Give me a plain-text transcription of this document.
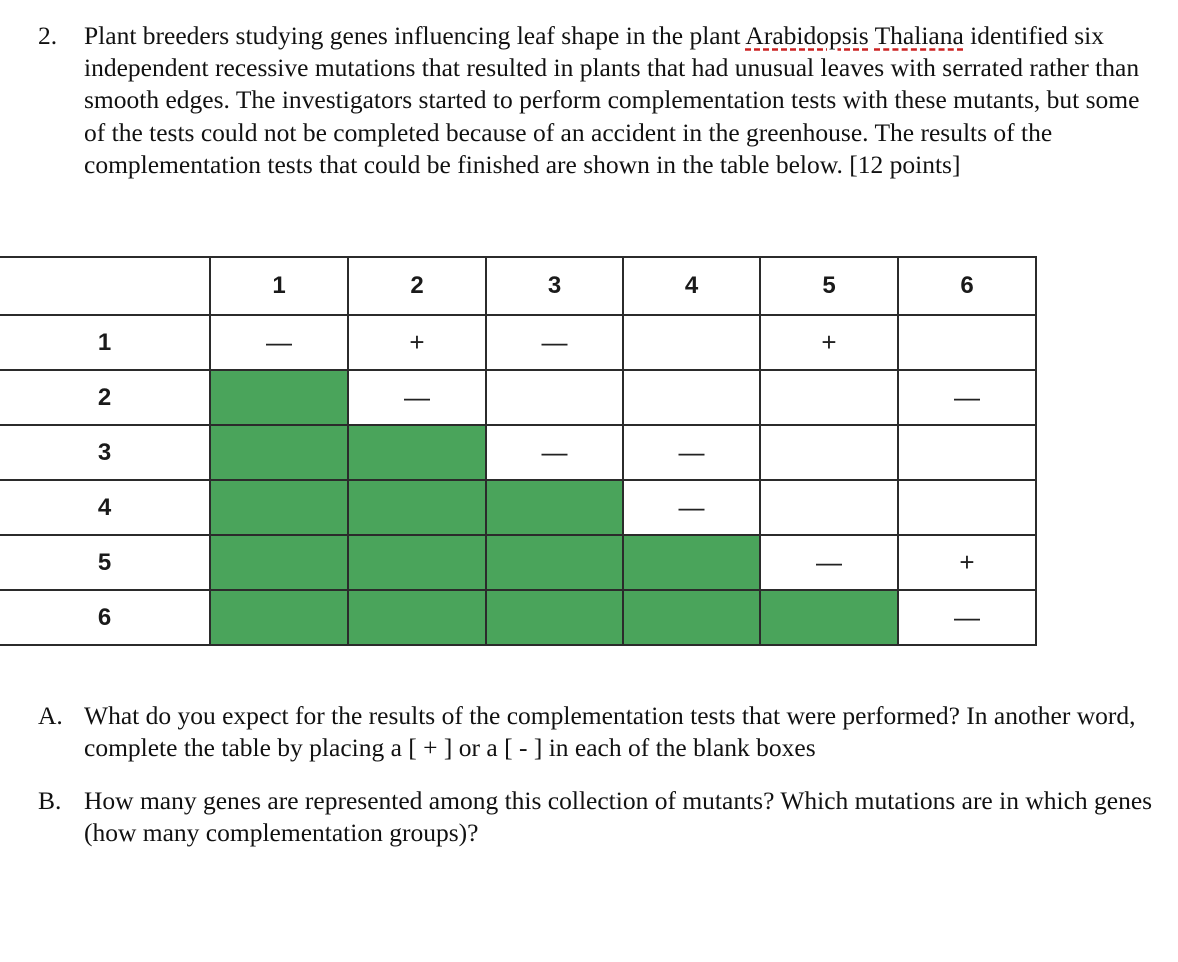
2.	Plant breeders studying genes influencing leaf shape in the plant Arabidopsis Thaliana identified six independent recessive mutations that resulted in plants that had unusual leaves with serrated rather than smooth edges. The investigators started to perform complementation tests with these mutants, but some of the tests could not be completed because of an accident in the greenhouse. The results of the complementation tests that could be finished are shown in the table below. [12 points]
	1	2	3	4	5	6
1	—	+	—		+	
2		—				—
3			—	—		
4				—		
5					—	+
6						—
A. What do you expect for the results of the complementation tests that were performed? In another word, complete the table by placing a [ + ] or a [ - ] in each of the blank boxes
B. How many genes are represented among this collection of mutants? Which mutations are in which genes (how many complementation groups)?
